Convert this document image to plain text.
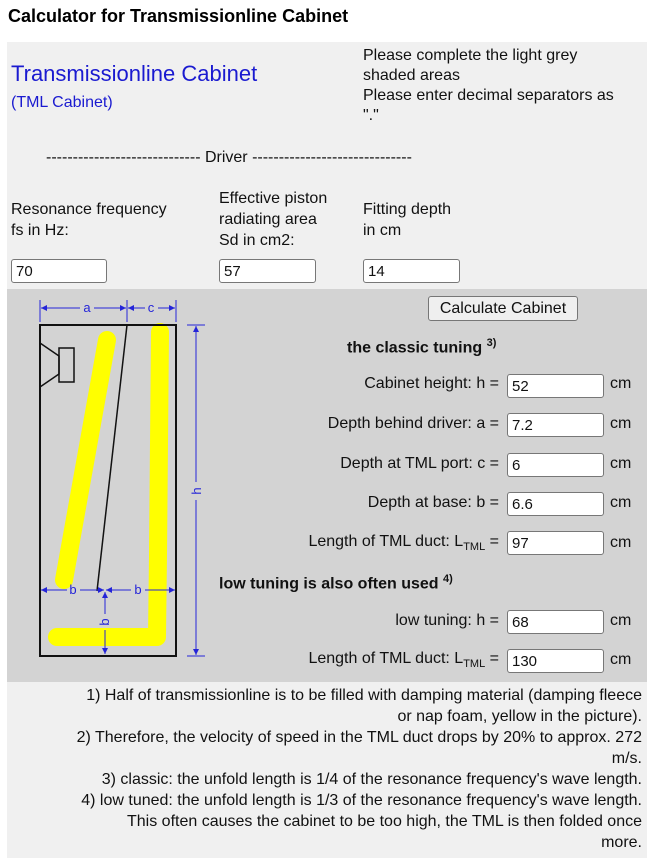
Calculator for Transmissionline Cabinet
Transmissionline Cabinet
(TML Cabinet)
Please complete the light grey
shaded areas
Please enter decimal separators as
"."
----------------------------- Driver ------------------------------
Resonance frequency
fs in Hz:
70
Effective piston
radiating area
Sd in cm2:
57
Fitting depth
in cm
14
Calculate Cabinet
a	c
h
b	b
b
the classic tuning $^{3)}$
Cabinet height: h =
52	cm
Depth behind driver: a =
7.2	cm
Depth at TML port: c =
6	cm
Depth at base: b =
6.6	cm
Length of TML duct: $L_{TML}$ =
97	cm
low tuning is also often used $^{4)}$
low tuning: h =
68	cm
Length of TML duct: $L_{TML}$ =
130	cm
1) Half of transmissionline is to be filled with damping material (damping fleece
or nap foam, yellow in the picture).
2) Therefore, the velocity of speed in the TML duct drops by 20% to approx. 272
m/s.
3) classic: the unfold length is 1/4 of the resonance frequency's wave length.
4) low tuned: the unfold length is 1/3 of the resonance frequency's wave length.
This often causes the cabinet to be too high, the TML is then folded once
more.
